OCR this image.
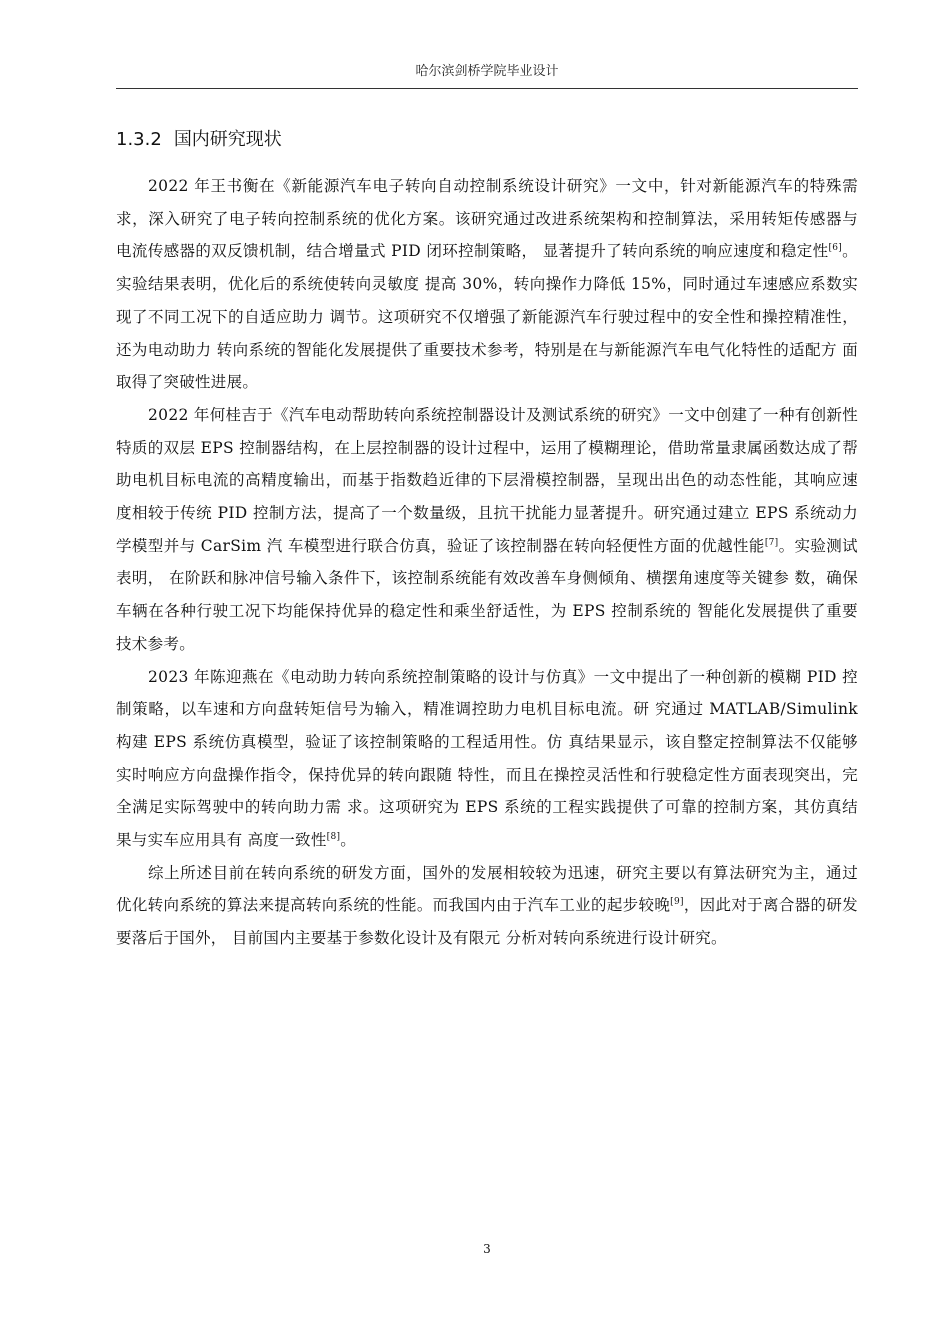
哈尔滨剑桥学院毕业设计
1.3.2 国内研究现状

2022 年王书衡在《新能源汽车电子转向自动控制系统设计研究》一文中，针对新能源汽车的特殊需求，深入研究了电子转向控制系统的优化方案。该研究通过改进系统架构和控制算法，采用转矩传感器与电流传感器的双反馈机制，结合增量式 PID 闭环控制策略， 显著提升了转向系统的响应速度和稳定性[6]。实验结果表明，优化后的系统使转向灵敏度 提高 30%，转向操作力降低 15%，同时通过车速感应系数实现了不同工况下的自适应助力 调节。这项研究不仅增强了新能源汽车行驶过程中的安全性和操控精准性，还为电动助力 转向系统的智能化发展提供了重要技术参考，特别是在与新能源汽车电气化特性的适配方 面取得了突破性进展。

2022 年何桂吉于《汽车电动帮助转向系统控制器设计及测试系统的研究》一文中创建了一种有创新性特质的双层 EPS 控制器结构，在上层控制器的设计过程中，运用了模糊理论，借助常量隶属函数达成了帮助电机目标电流的高精度输出，而基于指数趋近律的下层滑模控制器，呈现出出色的动态性能，其响应速度相较于传统 PID 控制方法，提高了一个数量级，且抗干扰能力显著提升。研究通过建立 EPS 系统动力学模型并与 CarSim 汽 车模型进行联合仿真，验证了该控制器在转向轻便性方面的优越性能[7]。实验测试表明， 在阶跃和脉冲信号输入条件下，该控制系统能有效改善车身侧倾角、横摆角速度等关键参 数，确保车辆在各种行驶工况下均能保持优异的稳定性和乘坐舒适性，为 EPS 控制系统的 智能化发展提供了重要技术参考。

2023 年陈迎燕在《电动助力转向系统控制策略的设计与仿真》一文中提出了一种创新的模糊 PID 控制策略，以车速和方向盘转矩信号为输入，精准调控助力电机目标电流。研 究通过 MATLAB/Simulink 构建 EPS 系统仿真模型，验证了该控制策略的工程适用性。仿 真结果显示，该自整定控制算法不仅能够实时响应方向盘操作指令，保持优异的转向跟随 特性，而且在操控灵活性和行驶稳定性方面表现突出，完全满足实际驾驶中的转向助力需 求。这项研究为 EPS 系统的工程实践提供了可靠的控制方案，其仿真结果与实车应用具有 高度一致性[8]。

综上所述目前在转向系统的研发方面，国外的发展相较较为迅速，研究主要以有算法研究为主，通过优化转向系统的算法来提高转向系统的性能。而我国内由于汽车工业的起步较晚[9]，因此对于离合器的研发要落后于国外， 目前国内主要基于参数化设计及有限元 分析对转向系统进行设计研究。

3
